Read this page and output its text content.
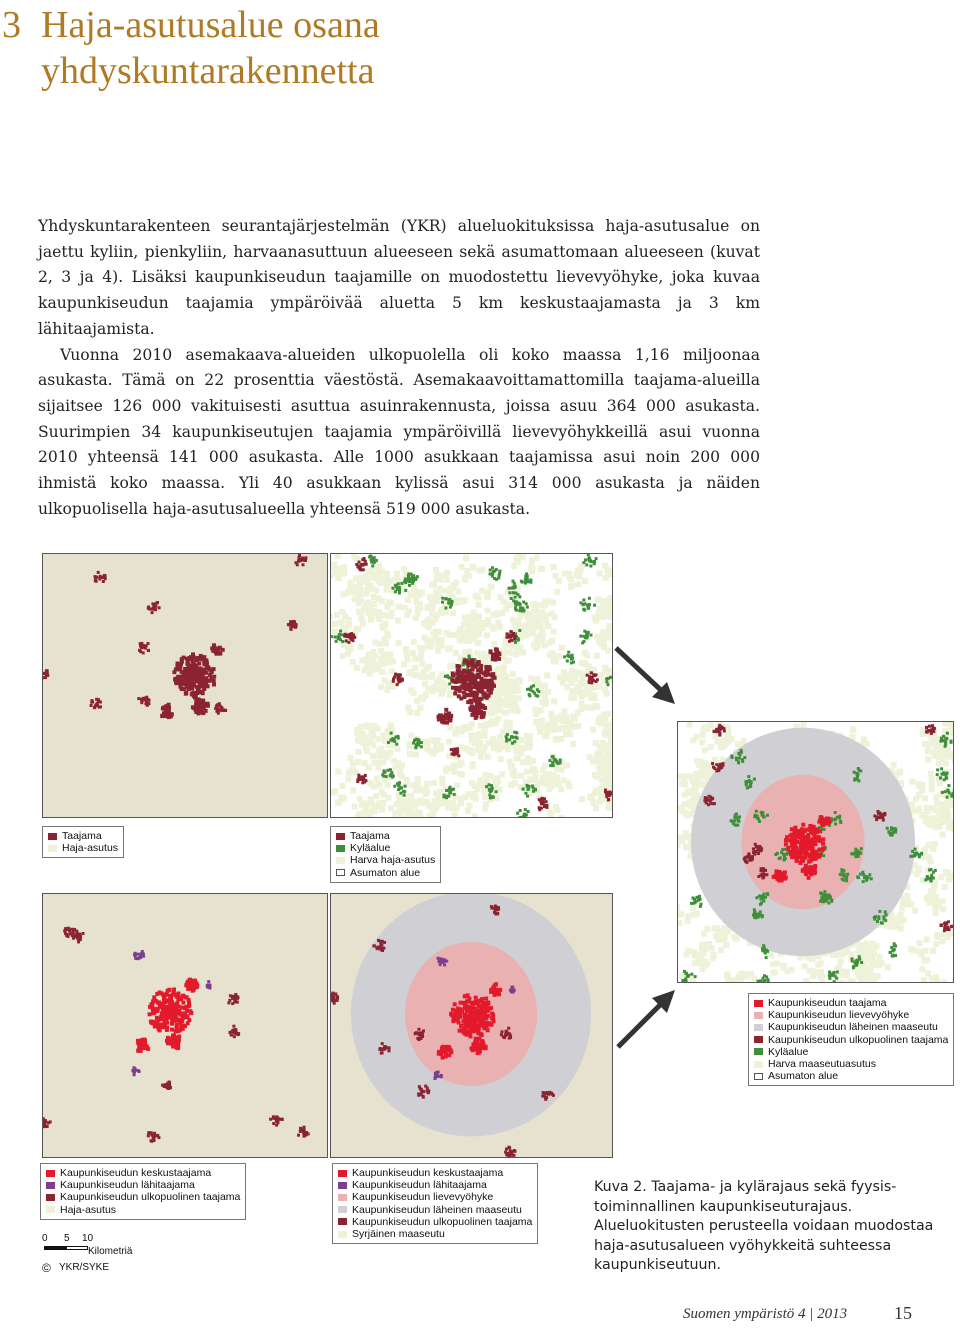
3 Haja-asutusalue osana
yhdyskuntarakennetta

Yhdyskuntarakenteen seurantajärjestelmän (YKR) alueluokituksissa haja-asutusalue on jaettu kyliin, pienkyliin, harvaanasuttuun alueeseen sekä asumattomaan alueeseen (kuvat 2, 3 ja 4). Lisäksi kaupunkiseudun taajamille on muodostettu lievevyöhyke, joka kuvaa kaupunkiseudun taajamia ympäröivää aluetta 5 km keskustaajamasta ja 3 km lähitaajamista.

Vuonna 2010 asemakaava-alueiden ulkopuolella oli koko maassa 1,16 miljoonaa asukasta. Tämä on 22 prosenttia väestöstä. Asemakaavoittamattomilla taajama-alueilla sijaitsee 126 000 vakituisesti asuttua asuinrakennusta, joissa asuu 364 000 asukasta. Suurimpien 34 kaupunkiseutujen taajamia ympäröivillä lievevyöhykkeillä asui vuonna 2010 yhteensä 141 000 asukasta. Alle 1000 asukkaan taajamissa asui noin 200 000 ihmistä koko maassa. Yli 40 asukkaan kylissä asui 314 000 asukasta ja näiden ulkopuolisella haja-asutusalueella yhteensä 519 000 asukasta.

Taajama
Haja-asutus
Taajama
Kyläalue
Harva haja-asutus
Asumaton alue
Kaupunkiseudun keskustaajama
Kaupunkiseudun lähitaajama
Kaupunkiseudun ulkopuolinen taajama
Haja-asutus
Kaupunkiseudun keskustaajama
Kaupunkiseudun lähitaajama
Kaupunkiseudun lievevyöhyke
Kaupunkiseudun läheinen maaseutu
Kaupunkiseudun ulkopuolinen taajama
Syrjäinen maaseutu
Kaupunkiseudun taajama
Kaupunkiseudun lievevyöhyke
Kaupunkiseudun läheinen maaseutu
Kaupunkiseudun ulkopuolinen taajama
Kyläalue
Harva maaseutuasutus
Asumaton alue
0 5 10
Kilometriä
© YKR/SYKE
Kuva 2. Taajama- ja kylärajaus sekä fyysis-toiminnallinen kaupunkiseuturajaus. Alueluokitusten perusteella voidaan muodostaa haja-asutusalueen vyöhykkeitä suhteessa kaupunkiseutuun.
Suomen ympäristö 4 | 2013	15
